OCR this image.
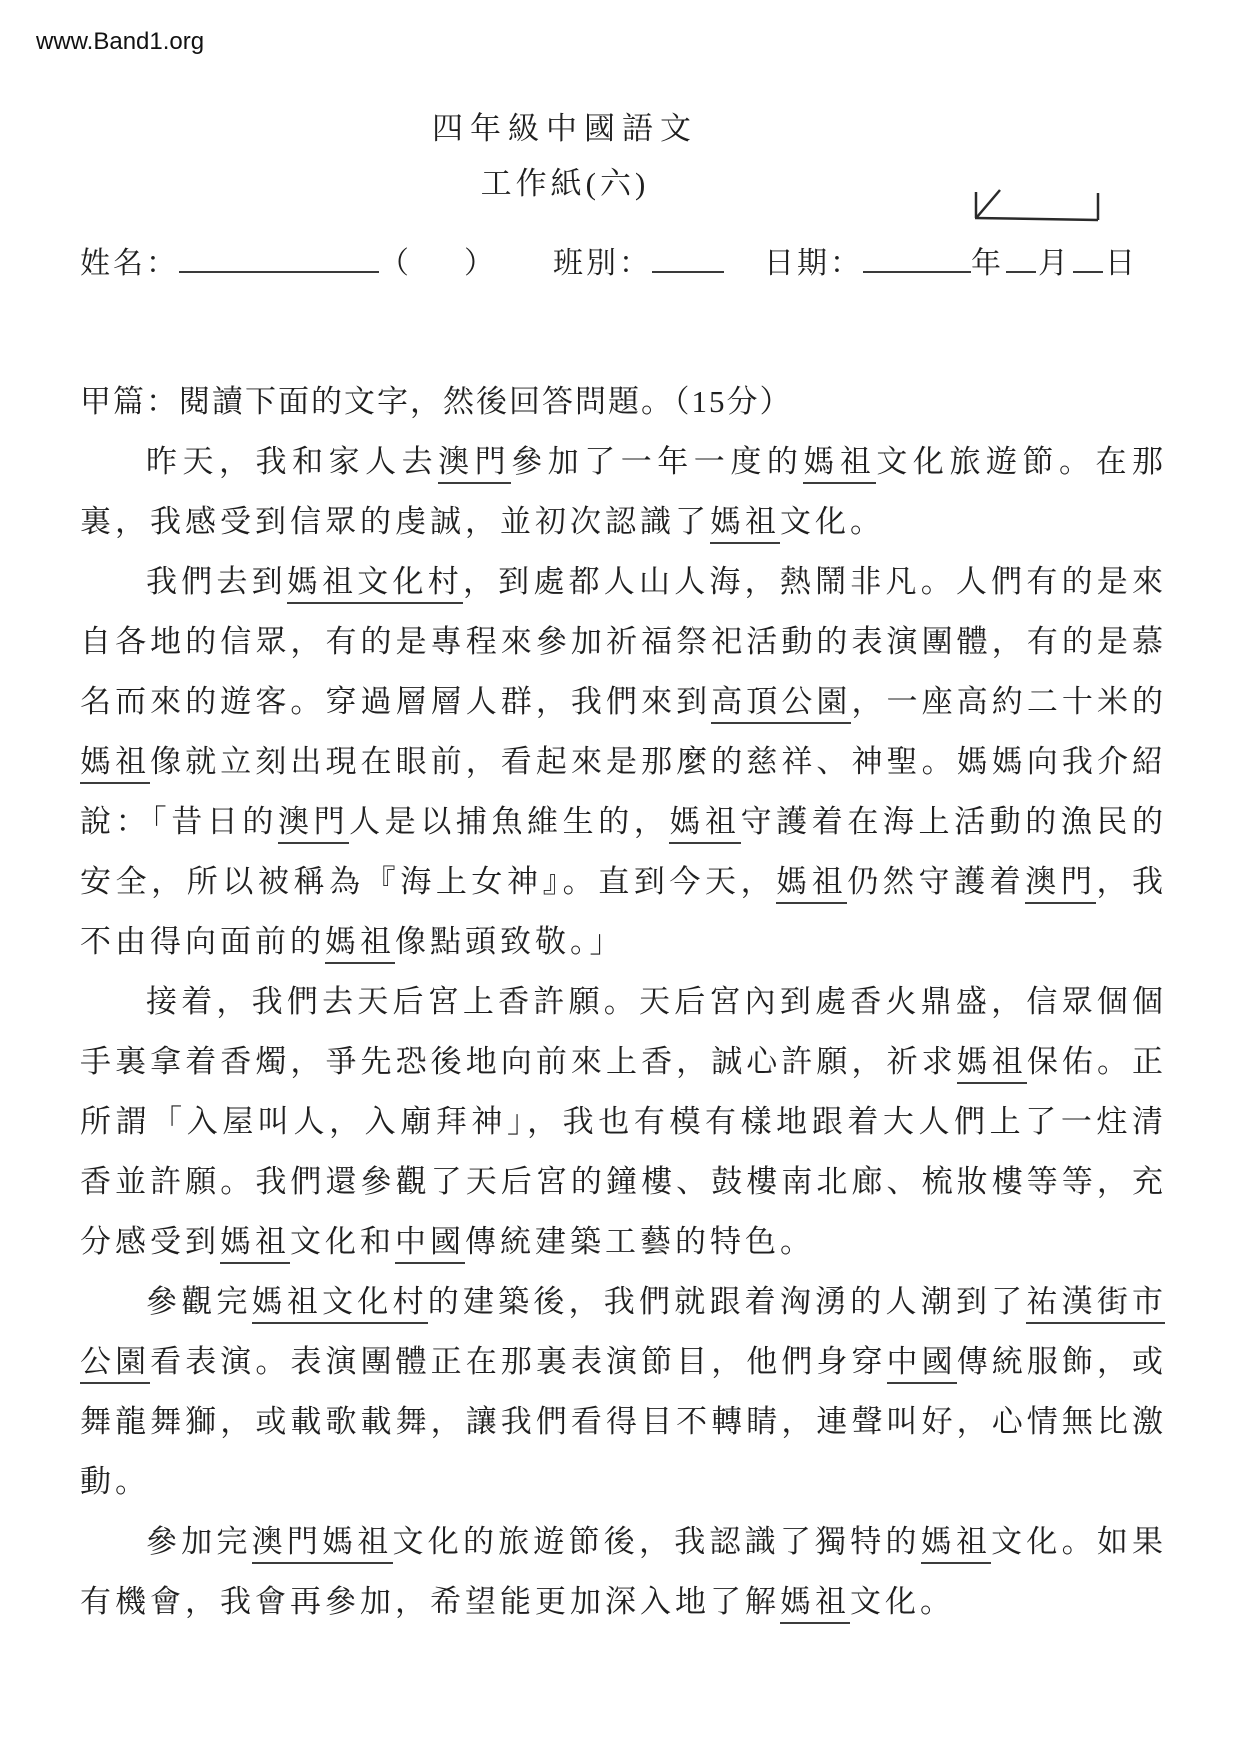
www.Band1.org
四年級中國語文
工作紙(六)
姓名：	（ ） 班別：	日期：	年 月 日
甲篇：閱讀下面的文字，然後回答問題。（15分）
昨天，我和家人去澳門參加了一年一度的媽祖文化旅遊節。在那
裏，我感受到信眾的虔誠，並初次認識了媽祖文化。
我們去到媽祖文化村，到處都人山人海，熱鬧非凡。人們有的是來
自各地的信眾，有的是專程來參加祈福祭祀活動的表演團體，有的是慕
名而來的遊客。穿過層層人群，我們來到高頂公園，一座高約二十米的
媽祖像就立刻出現在眼前，看起來是那麼的慈祥、神聖。媽媽向我介紹
說：「昔日的澳門人是以捕魚維生的，媽祖守護着在海上活動的漁民的
安全，所以被稱為『海上女神』。直到今天，媽祖仍然守護着澳門，我
不由得向面前的媽祖像點頭致敬。」
接着，我們去天后宮上香許願。天后宮內到處香火鼎盛，信眾個個
手裏拿着香燭，爭先恐後地向前來上香，誠心許願，祈求媽祖保佑。正
所謂「入屋叫人，入廟拜神」，我也有模有樣地跟着大人們上了一炷清
香並許願。我們還參觀了天后宮的鐘樓、鼓樓南北廊、梳妝樓等等，充
分感受到媽祖文化和中國傳統建築工藝的特色。
參觀完媽祖文化村的建築後，我們就跟着洶湧的人潮到了祐漢街市
公園看表演。表演團體正在那裏表演節目，他們身穿中國傳統服飾，或
舞龍舞獅，或載歌載舞，讓我們看得目不轉睛，連聲叫好，心情無比激
動。
參加完澳門媽祖文化的旅遊節後，我認識了獨特的媽祖文化。如果
有機會，我會再參加，希望能更加深入地了解媽祖文化。
